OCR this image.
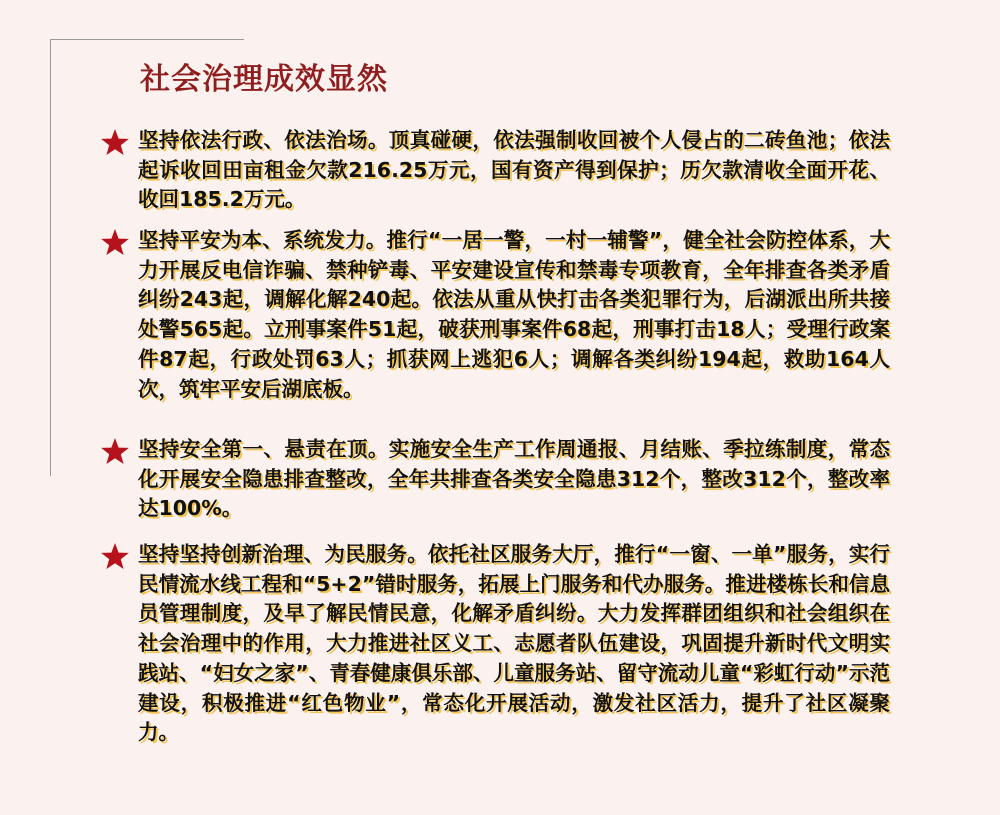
社会治理成效显然

坚持依法行政、依法治场。顶真碰硬，依法强制收回被个人侵占的二砖鱼池；依法起诉收回田亩租金欠款216.25万元，国有资产得到保护；历欠款清收全面开花、收回185.2万元。

坚持平安为本、系统发力。推行“一居一警，一村一辅警”，健全社会防控体系，大力开展反电信诈骗、禁种铲毒、平安建设宣传和禁毒专项教育，全年排查各类矛盾纠纷243起，调解化解240起。依法从重从快打击各类犯罪行为，后湖派出所共接处警565起。立刑事案件51起，破获刑事案件68起，刑事打击18人；受理行政案件87起，行政处罚63人；抓获网上逃犯6人；调解各类纠纷194起，救助164人次，筑牢平安后湖底板。

坚持安全第一、悬责在顶。实施安全生产工作周通报、月结账、季拉练制度，常态化开展安全隐患排查整改，全年共排查各类安全隐患312个，整改312个，整改率达100%。

坚持坚持创新治理、为民服务。依托社区服务大厅，推行“一窗、一单”服务，实行民情流水线工程和“5+2”错时服务，拓展上门服务和代办服务。推进楼栋长和信息员管理制度，及早了解民情民意，化解矛盾纠纷。大力发挥群团组织和社会组织在社会治理中的作用，大力推进社区义工、志愿者队伍建设，巩固提升新时代文明实践站、“妇女之家”、青春健康俱乐部、儿童服务站、留守流动儿童“彩虹行动”示范建设，积极推进“红色物业”，常态化开展活动，激发社区活力，提升了社区凝聚力。
